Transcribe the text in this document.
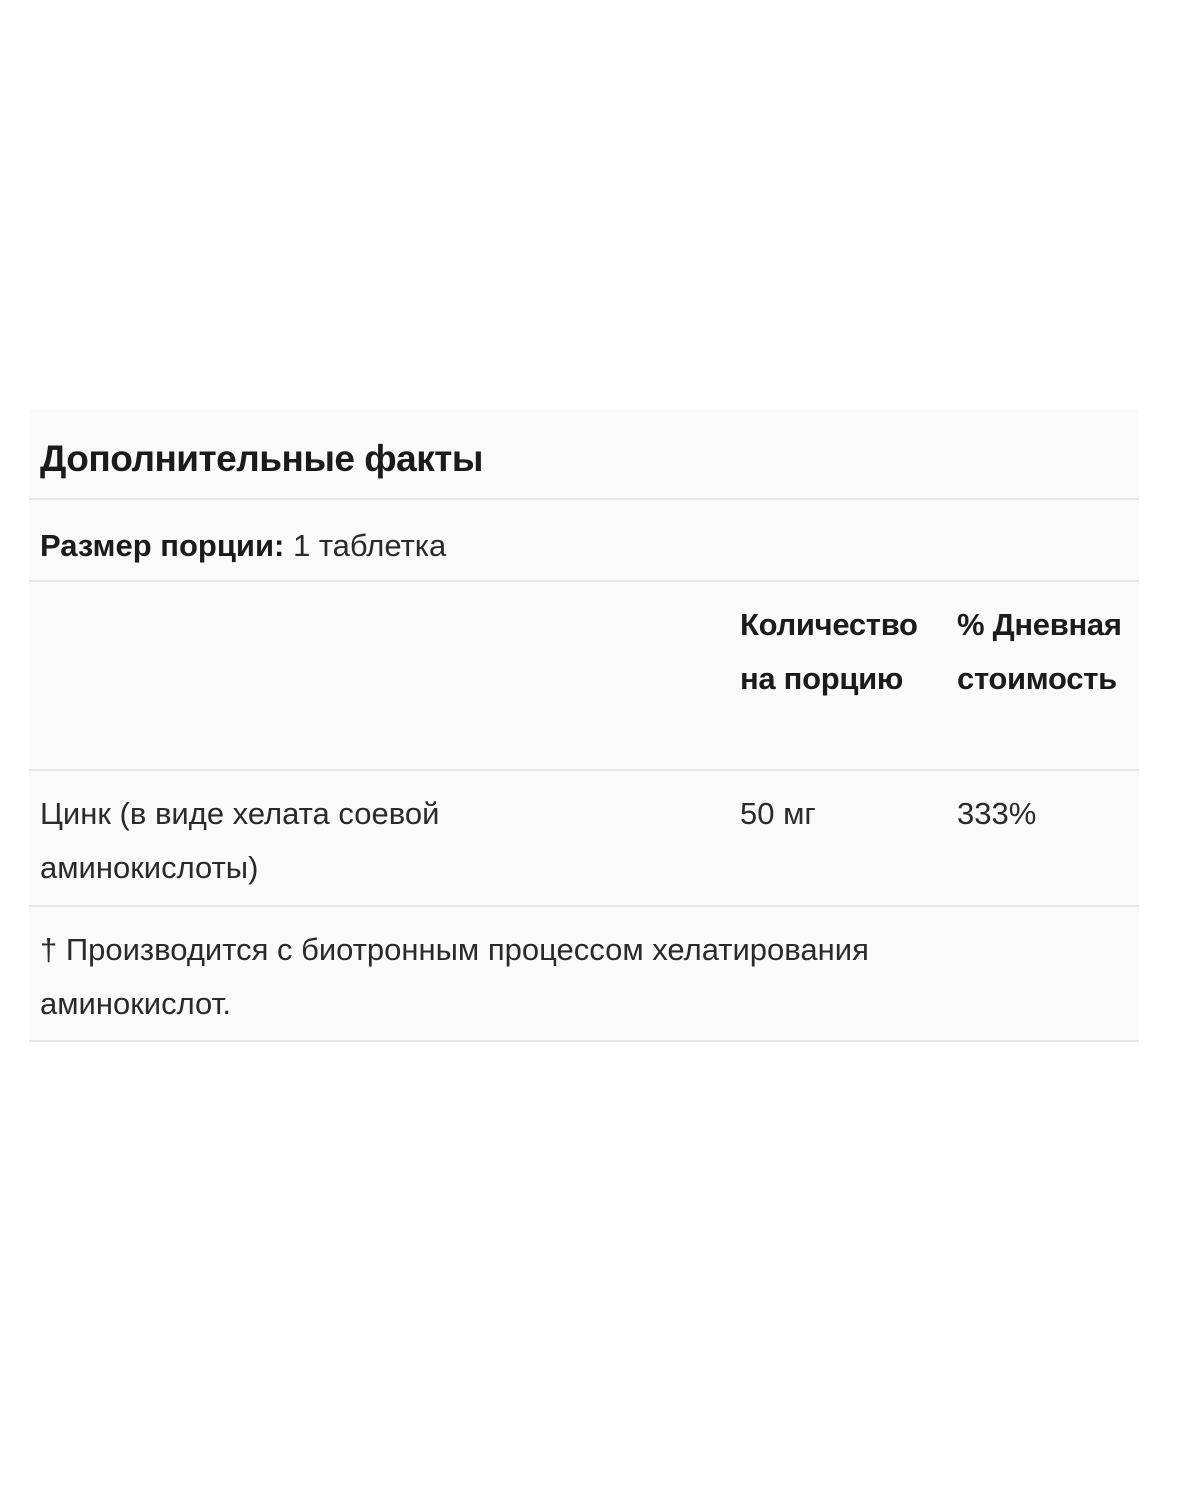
Дополнительные факты
Размер порции: 1 таблетка
	Количество на порцию	% Дневная стоимость
Цинк (в виде хелата соевой аминокислоты)	50 мг	333%
† Производится с биотронным процессом хелатирования аминокислот.
